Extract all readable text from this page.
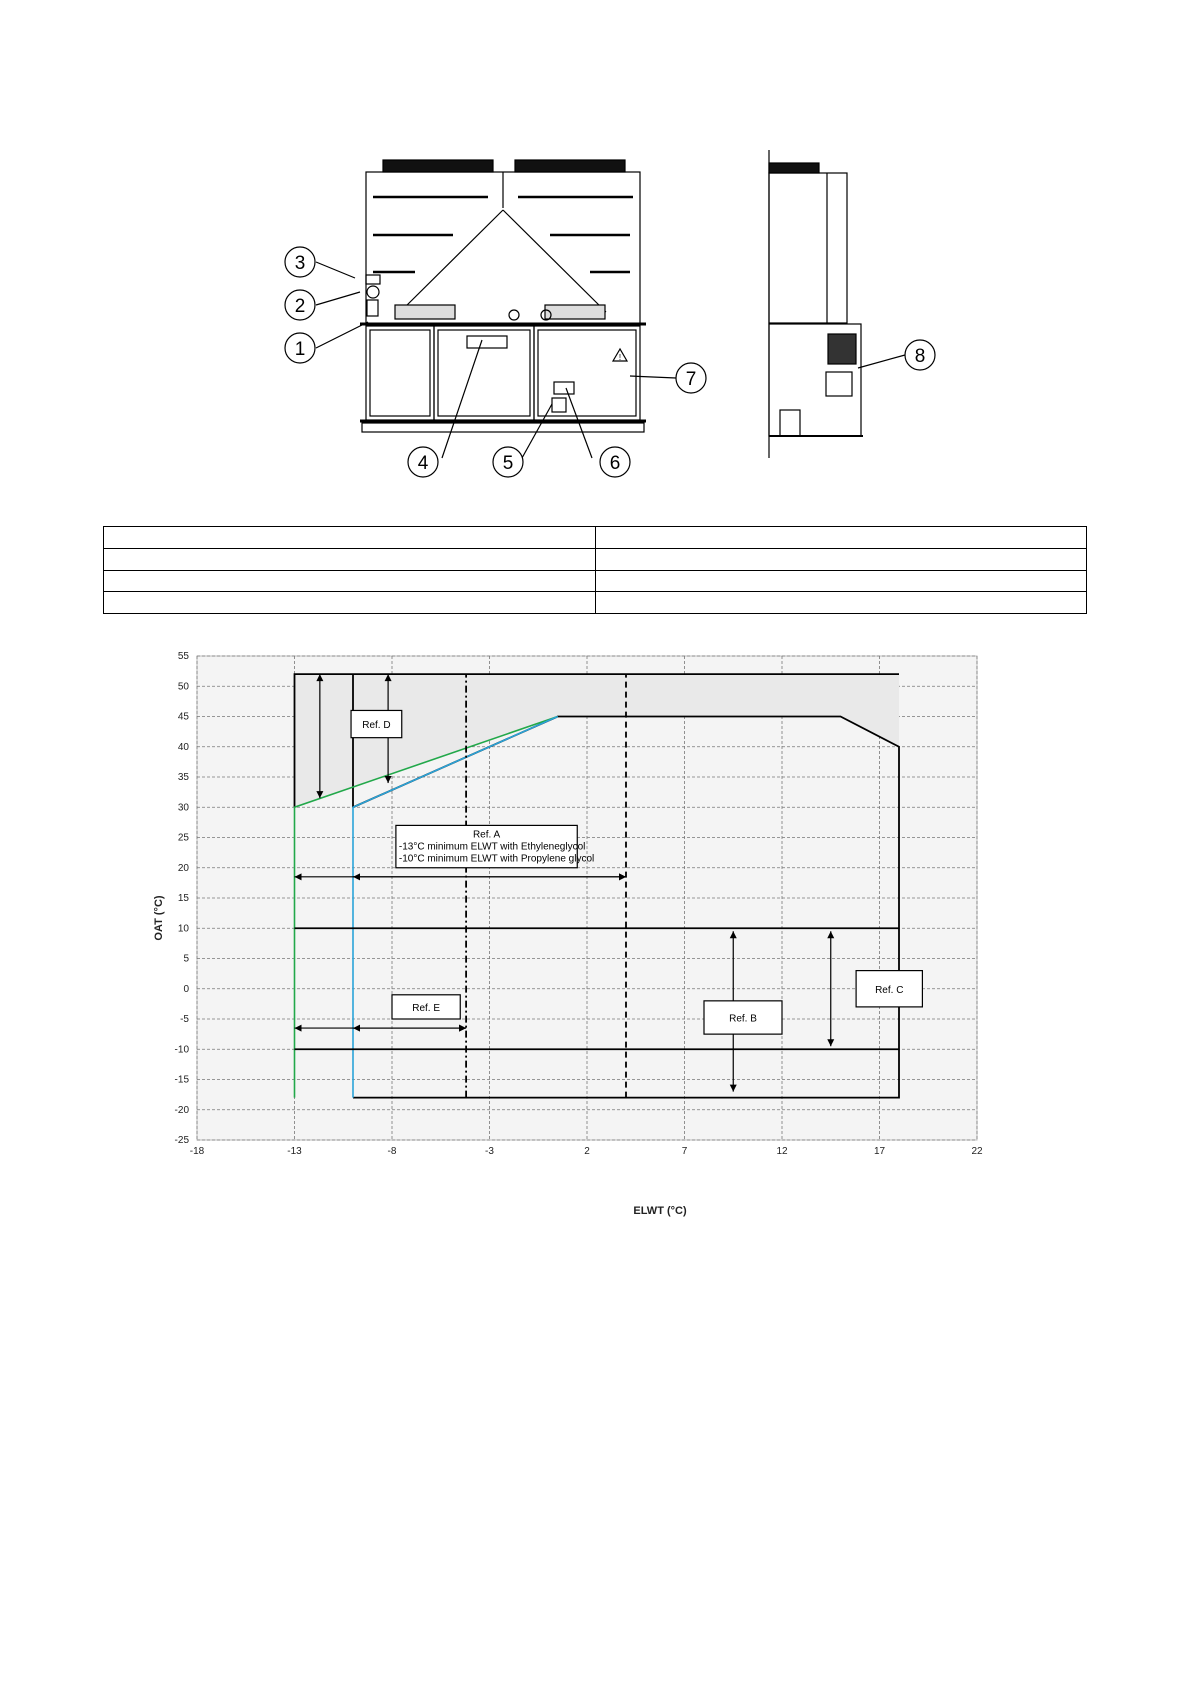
!
3
2
1
4	5	6
7
8

-18	-13	-8	-3	2	7	12	17	22
55
50
45
40
35
30
25
20
15
10
5
0
-5
-10
-15
-20
-25
Ref. A
-13°C minimum ELWT with Ethyleneglycol
-10°C minimum ELWT with Propylene glycol
Ref. B
Ref. C
Ref. D
Ref. E
ELWT (°C)
OAT (°C)
